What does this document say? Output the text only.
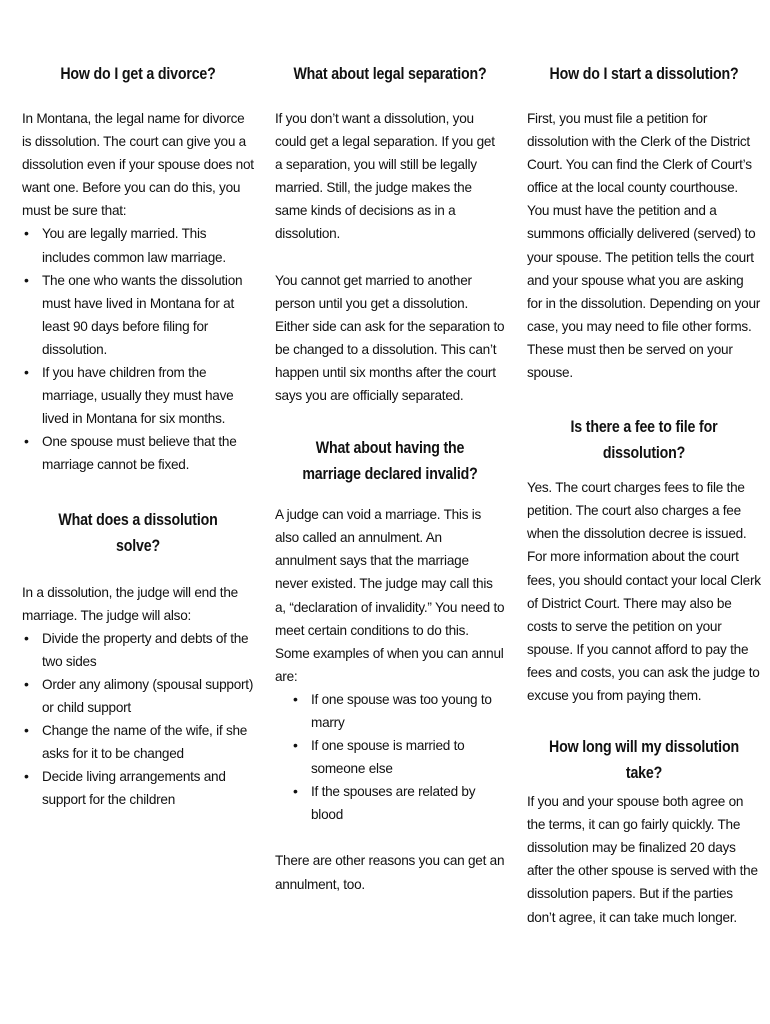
How do I get a divorce?

In Montana, the legal name for divorce is dissolution. The court can give you a dissolution even if your spouse does not want one. Before you can do this, you must be sure that:

• You are legally married. This includes common law marriage.
• The one who wants the dissolution must have lived in Montana for at least 90 days before filing for dissolution.
• If you have children from the marriage, usually they must have lived in Montana for six months.
• One spouse must believe that the marriage cannot be fixed.
What does a dissolution solve?

In a dissolution, the judge will end the marriage. The judge will also:

• Divide the property and debts of the two sides
• Order any alimony (spousal support) or child support
• Change the name of the wife, if she asks for it to be changed
• Decide living arrangements and support for the children
What about legal separation?

If you don’t want a dissolution, you could get a legal separation. If you get a separation, you will still be legally married. Still, the judge makes the same kinds of decisions as in a dissolution.

You cannot get married to another person until you get a dissolution. Either side can ask for the separation to be changed to a dissolution. This can’t happen until six months after the court says you are officially separated.

What about having the marriage declared invalid?

A judge can void a marriage. This is also called an annulment. An annulment says that the marriage never existed. The judge may call this a, “declaration of invalidity.” You need to meet certain conditions to do this.

Some examples of when you can annul are:

• If one spouse was too young to marry
• If one spouse is married to someone else
• If the spouses are related by blood

There are other reasons you can get an annulment, too.

How do I start a dissolution?

First, you must file a petition for dissolution with the Clerk of the District Court. You can find the Clerk of Court’s office at the local county courthouse. You must have the petition and a summons officially delivered (served) to your spouse. The petition tells the court and your spouse what you are asking for in the dissolution. Depending on your case, you may need to file other forms. These must then be served on your spouse.

Is there a fee to file for dissolution?

Yes. The court charges fees to file the petition. The court also charges a fee when the dissolution decree is issued. For more information about the court fees, you should contact your local Clerk of District Court. There may also be costs to serve the petition on your spouse. If you cannot afford to pay the fees and costs, you can ask the judge to excuse you from paying them.

How long will my dissolution take?

If you and your spouse both agree on the terms, it can go fairly quickly. The dissolution may be finalized 20 days after the other spouse is served with the dissolution papers. But if the parties don’t agree, it can take much longer.
